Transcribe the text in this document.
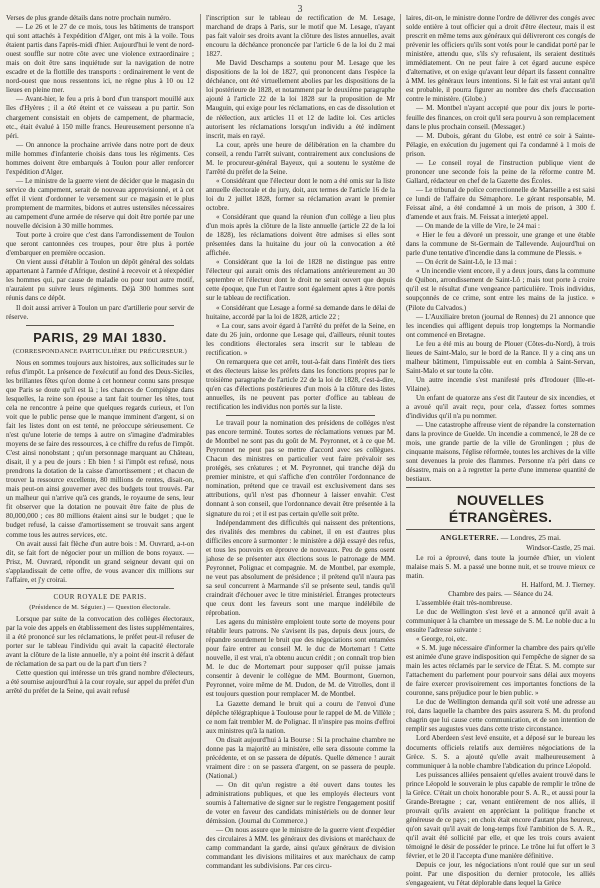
3

Verses de plus grande détails dans notre prochain numéro.

— Le 26 et le 27 de ce mois, tous les bâtiments de transport qui sont attachés à l'expédition d'Alger, ont mis à la voile. Tous étaient partis dans l'après-midi d'hier. Aujourd'hui le vent de nord-ouest souffle sur notre côte avec une violence extraordinaire ; mais on doit être sans inquiétude sur la navigation de notre escadre et de la flottille des transports : ordinairement le vent de nord-ouest que nous ressentons ici, ne règne plus à 10 ou 12 lieues en pleine mer.

— Avant-hier, le feu a pris à bord d'un transport mouillé aux îles d'Hyères ; il a été éteint et ce vaisseau a pu partir. Son chargement consistait en objets de campement, de pharmacie, etc., était évalué à 150 mille francs. Heureusement personne n'a péri.

— On annonce la prochaine arrivée dans notre port de deux mille hommes d'infanterie choisis dans tous les régiments. Ces hommes doivent être embarqués à Toulon pour aller renforcer l'expédition d'Alger.

— Le ministre de la guerre vient de décider que le magasin du service du campement, serait de nouveau approvisionné, et à cet effet il vient d'ordonner le versement sur ce magasin et le plus promptement de marmites, bidons et autres ustensiles nécessaires au campement d'une armée de réserve qui doit être portée par une nouvelle décision à 30 mille hommes.

Tout porte à croire que c'est dans l'arrondissement de Toulon que seront cantonnées ces troupes, pour être plus à portée d'embarquer en première occasion.

On vient aussi d'établir à Toulon un dépôt général des soldats appartenant à l'armée d'Afrique, destiné à recevoir et à réexpédier les hommes qui, par cause de maladie ou pour tout autre motif, n'auraient pu suivre leurs régiments. Déjà 300 hommes sont réunis dans ce dépôt.

Il doit aussi arriver à Toulon un parc d'artillerie pour servir de réserve.

PARIS, 29 MAI 1830.
(CORRESPONDANCE PARTICULIÈRE DU PRÉCURSEUR.)

Nous en sommes toujours aux histoires, aux sollicitudes sur le refus d'impôt. La présence de l'exécutif au fond des Deux-Siciles, les brillantes fêtes qu'on donne à cet honneur connu sans presque que Paris se doute qu'il est là ; les chances de Compiègne dans lesquelles, la reine son épouse a tant fait tourner les têtes, tout cela ne rencontre à peine que quelques regards curieux, et l'on voit que le public pense que le manque imminent d'argent, si on fait les listes dont on est tenté, ne préoccupe sérieusement. Ce n'est qu'une loterie de temps à autre on s'imagine d'admirables moyens de se faire des ressources, à ce chiffre du refus de l'impôt. C'est ainsi nonobstant ; qu'un personnage marquant au Château, disait, il y a peu de jours : Eh bien ! si l'impôt est refusé, nous prendrons la dotation de la caisse d'amortissement ; et chacun de trouver la ressource excellente, 80 millions de rentes, disait-on, mais peut-on ainsi gouverner avec des budgets tout trouvés. Par un malheur qui n'arrive qu'à ces grands, le royaume de sens, leur fit observer que la dotation ne pouvait être faite de plus de 80,000,000 ; ces 80 millions étaient ainsi sur le budget ; que le budget refusé, la caisse d'amortissement se trouvait sans argent comme tous les autres services, etc.

On avait aussi fait flèche d'un autre bois : M. Ouvrard, a-t-on dit, se fait fort de négocier pour un million de bons royaux. — Prisz, M. Ouvrard, répondit un grand seigneur devant qui on s'applaudissait de cette offre, de vous avancer dix millions sur l'affaire, et j'y croirai.

COUR ROYALE DE PARIS.
(Présidence de M. Séguier.) — Question électorale.

Lorsque par suite de la convocation des collèges électoraux, par la voie des appels en établissement des listes supplémentaires, il a été prononcé sur les réclamations, le préfet peut-il refuser de porter sur le tableau l'individu qui avait la capacité électorale avant la clôture de la liste annuelle, n'y a point été inscrit à défaut de réclamation de sa part ou de la part d'un tiers ?

Cette question qui intéresse un très grand nombre d'électeurs, a été soumise aujourd'hui à la cour royale, sur appel du préfet d'un arrêté du préfet de la Seine, qui avait refusé

l'inscription sur le tableau de rectification de M. Lesage, marchand de draps à Paris, sur le motif que M. Lesage, n'ayant pas fait valoir ses droits avant la clôture des listes annuelles, avait encouru la déchéance prononcée par l'article 6 de la loi du 2 mai 1827.

Me David Deschamps a soutenu pour M. Lesage que les dispositions de la loi de 1827, qui prononcent dans l'espèce la déchéance, ont été virtuellement abolies par les dispositions de la loi postérieure de 1828, et notamment par le deuxième paragraphe ajouté à l'article 22 de la loi 1828 sur la proposition de Mr Mauguin, qui exige pour les réclamations, en cas de dissolution et de réélection, aux articles 11 et 12 de ladite loi. Ces articles autorisent les réclamations lorsqu'un individu a été indûment inscrit, mais en rayé.

La cour, après une heure de délibération en la chambre du conseil, a rendu l'arrêt suivant, contrairement aux conclusions de M. le procureur-général Bayeux, qui a soutenu le système de l'arrêté du préfet de la Seine.

« Considérant que l'électeur dont le nom a été omis sur la liste annuelle électorale et du jury, doit, aux termes de l'article 16 de la loi du 2 juillet 1828, former sa réclamation avant le premier octobre.

« Considérant que quand la réunion d'un collège a lieu plus d'un mois après la clôture de la liste annuelle (article 22 de la loi de 1828), les réclamations doivent être admises si elles sont présentées dans la huitaine du jour où la convocation a été affichée.

« Considérant que la loi de 1828 ne distingue pas entre l'électeur qui aurait omis des réclamations antérieurement au 30 septembre et l'électeur dont le droit ne serait ouvert que depuis cette époque, que l'un et l'autre sont également aptes à être portés sur le tableau de rectification.

« Considérant que Lesage a formé sa demande dans le délai de huitaine, accordé par la loi de 1828, article 22 ;

« La cour, sans avoir égard à l'arrêté du préfet de la Seine, en date du 26 juin, ordonne que Lesage qui, d'ailleurs, réunit toutes les conditions électorales sera inscrit sur le tableau de rectification. »

On remarquera que cet arrêt, tout-à-fait dans l'intérêt des tiers et des électeurs laisse les préfets dans les fonctions propres par le troisième paragraphe de l'article 22 de la loi de 1828, c'est-à-dire, qu'en cas d'élections postérieures d'un mois à la clôture des listes annuelles, ils ne peuvent pas porter d'office au tableau de rectification les individus non portés sur la liste.

Le travail pour la nomination des présidens de colléges n'est pas encore terminé. Toutes sortes de réclamations venues par M. de Montbel ne sont pas du goût de M. Peyronnet, et à ce que M. Peyronnet ne peut pas se mettre d'accord avec ses collègues. Chacun des ministres en particulier veut faire prévaloir ses protégés, ses créatures ; et M. Peyronnet, qui tranche déjà du premier ministre, et qui s'affiche d'en contrôler l'ordonnance de nomination, prétend que ce travail est exclusivement dans ses attributions, qu'il n'est pas d'honneur à laisser envahir. C'est donnant à son conseil, que l'ordonnance devait être présentée à la signature du roi ; et il est pas certain qu'elle soit prête.

Indépendamment des difficultés qui naissent des prétentions, des rivalités des membres du cabinet, il en est d'autres plus difficiles encore à surmonter : le ministère a déjà essayé des refus, et tous les pouvoirs en éprouve de nouveaux. Peu de gens osent jahose de se présenter aux élections sous le patronage de MM. Peyronnet, Polignac et compagnie. M. de Montbel, par exemple, ne veut pas absolument de présidence ; il prétend qu'il n'aura pas sa seul concurrent à Marmande s'il se présente seul, tandis qu'il craindrait d'échouer avec le titre ministériel. Étranges protecteurs que ceux dont les faveurs sont une marque indélébile de réprobation.

Les agens du ministère emploient toute sorte de moyens pour rétablir leurs patrons. Ne s'avisent ils pas, depuis deux jours, de répandre sourdement le bruit que des négociations sont entamées pour faire entrer au conseil M. le duc de Mortemart ! Cette nouvelle, il est vrai, n'a obtenu aucun crédit ; on connaît trop bien M. le duc de Mortemart pour supposer qu'il puisse jamais consentir à devenir le collègue de MM. Bourmont, Guernon, Peyronnet, voire même de M. Dudon, de M. de Vitrolles, dont il est toujours question pour remplacer M. de Montbel.

La Gazette demand le bruit qui a couru de l'envoi d'une dépêche télégraphique à Toulouse pour le rappel de M. de Villèle ; ce nom fait trembler M. de Polignac. Il n'inspire pas moins d'effroi aux ministres qu'à la nation.

On disait aujourd'hui à la Bourse : Si la prochaine chambre ne donne pas la majorité au ministère, elle sera dissoute comme la précédente, et on se passera de députés. Quelle démence ! aurait vraiment dire : on se passera d'argent, on se passera de peuple. (National.)

— On dit qu'un registre a été ouvert dans toutes les administrations publiques, et que les employés électeurs vont soumis à l'alternative de signer sur le registre l'engagement positif de voter en faveur des candidats ministériels ou de donner leur démission. (Journal du Commerce.)

— On nous assure que le ministre de la guerre vient d'expédier des circulaires à MM. les généraux des divisions et maréchaux de camp commandant la garde, ainsi qu'aux généraux de division commandant les divisions militaires et aux maréchaux de camp commandant les subdivisions. Par ces circu-

laires, dit-on, le ministre donne l'ordre de délivrer des congés avec solde entière à tout officier qui a droit d'être électeur, mais il est prescrit en même tems aux généraux qui délivreront ces congés de prévenir les officiers qu'ils sont votés pour le candidat porté par le ministère, attendu que, s'ils s'y refusaient, ils seraient destitués immédiatement. On ne peut faire à cet égard aucune espèce d'alternative, et on exige qu'avant leur départ ils fassent connaître à MM. les généraux leurs intentions. Si le fait est vrai autant qu'il est probable, il pourra figurer au nombre des chefs d'accusation contre le ministère. (Globe.)

— M. Montbel n'ayant accepté que pour dix jours le porte-feuille des finances, on croit qu'il sera pourvu à son remplacement dans le plus prochain conseil. (Messager.)

— M. Dubois, gérant du Globe, est entré ce soir à Sainte-Pélagie, en exécution du jugement qui l'a condamné à 1 mois de prison.

— Le conseil royal de l'instruction publique vient de prononcer une seconde fois la peine de la réforme contre M. Gallard, rédacteur en chef de la Gazette des Écoles.

— Le tribunal de police correctionnelle de Marseille a est saisi ce lundi de l'affaire du Sémaphore. Le gérant responsable, M. Feissat aîné, a été condamné à un mois de prison, à 300 f. d'amende et aux frais. M. Feissat a interjeté appel.

— On mande de la ville de Vire, le 24 mai :

« Hier le feu a dévoré un pressoir, une grange et une étable dans la commune de St-Germain de Tallevende. Aujourd'hui on parle d'une tentative d'incendie dans la commune de Plessis. »

— On écrit de Saint-Lô, le 13 mai :

« Un incendie vient encore, il y a deux jours, dans la commune de Quibon, arrondissement de Saint-Lô ; mais tout porte à croire qu'il est le résultat d'une vengeance particulière. Trois individus, soupçonnés de ce crime, sont entre les mains de la justice. » (Pilote du Calvados.)

— L'Auxiliaire breton (journal de Rennes) du 21 annonce que les incendies qui affligent depuis trop longtemps la Normandie ont commencé en Bretagne.

Le feu a été mis au bourg de Plouer (Côtes-du-Nord), à trois lieues de Saint-Malo, sur le bord de la Rance. Il y a cinq ans un malheur bâtiment, l'impuissable eut en combla à Saint-Servan, Saint-Malo et sur toute la côte.

Un autre incendie s'est manifesté près d'Irodouer (Ille-et-Vilaine).

Un enfant de quatorze ans s'est dit l'auteur de six incendies, et a avoué qu'il avait reçu, pour cela, d'assez fortes sommes d'individus qu'il n'a pu nommer.

— Une catastrophe affreuse vient de répandre la consternation dans la province de Guelde. Un incendie a commencé, le 28 de ce mois, une grande partie de la ville de Gronlingen ; plus de cinquante maisons, l'église réformée, toutes les archives de la ville sont devenues la proie des flammes. Personne n'a péri dans ce désastre, mais on a à regretter la perte d'une immense quantité de bestiaux.

NOUVELLES ÉTRANGÈRES.
ANGLETERRE. — Londres, 25 mai.

Windsor-Castle, 25 mai.

Le roi a éprouvé, dans toute la journée d'hier, un violent malaise mais S. M. a passé une bonne nuit, et se trouve mieux ce matin.

H. Halford, M. J. Tierney.

Chambre des pairs. — Séance du 24.

L'assemblée était très-nombreuse.

Le duc de Wellington s'est levé et a annoncé qu'il avait à communiquer à la chambre un message de S. M. Le noble duc a lu ensuite l'adresse suivante :

« George, roi, etc.

« S. M. juge nécessaire d'informer la chambre des pairs qu'elle est animée d'une grave indisposition qui l'empêche de signer de sa main les actes réclamés par le service de l'État. S. M. compte sur l'attachement du parlement pour pourvoir sans délai aux moyens de faire exercer provisoirement ces importantes fonctions de la couronne, sans préjudice pour le bien public. »

Le duc de Wellington demanda qu'il soit voté une adresse au roi, dans laquelle la chambre des pairs assurera S. M. du profond chagrin que lui cause cette communication, et de son intention de remplir ses augustes vues dans cette triste circonstance.

Lord Aberdeen s'est levé ensuite, et a déposé sur le bureau les documents officiels relatifs aux dernières négociations de la Grèce. S. S. a ajouté qu'elle avait malheureusement à communiquer à la noble chambre l'abdication du prince Léopold.

Les puissances alliées pensaient qu'elles avaient trouvé dans le prince Léopold le souverain le plus capable de remplir le trône de la Grèce. C'était un choix honorable pour S. A. R., et aussi pour la Grande-Bretagne ; car, venant entièrement de nos alliés, il prouvait qu'ils avaient en appréciant la politique franche et généreuse de ce pays ; en choix était encore d'autant plus heureux, qu'on savait qu'il avait de long-temps fixé l'ambition de S. A. R., qu'il avait été sollicité par elle, et que les trois cours avaient témoigné le désir de posséder le prince. Le trône lui fut offert le 3 février, et le 20 il l'accepta d'une manière définitive.

Depuis ce jour, les négociations n'ont roulé que sur un seul point. Par une disposition du dernier protocole, les alliés s'engageaient, vu l'état déplorable dans lequel la Grèce
